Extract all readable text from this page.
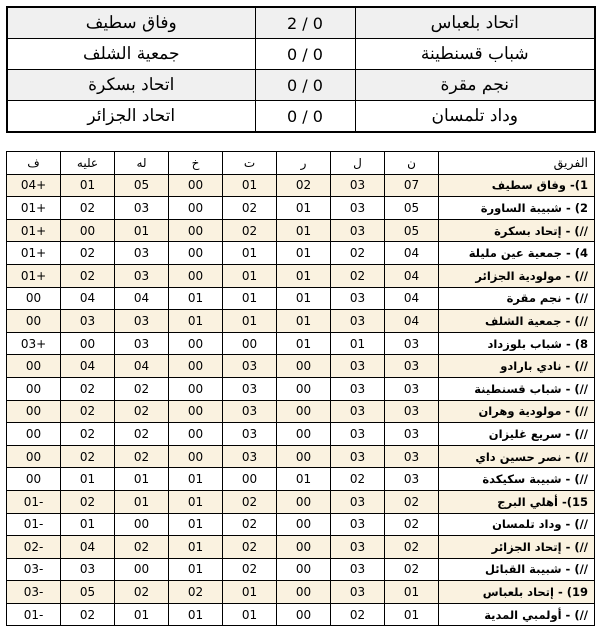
وفاق سطيف	2 / 0	اتحاد بلعباس
جمعية الشلف	0 / 0	شباب قسنطينة
اتحاد بسكرة	0 / 0	نجم مقرة
اتحاد الجزائر	0 / 0	وداد تلمسان
ف	عليه	له	خ	ت	ر	ل	ن	الفريق
04+	01	05	00	01	02	03	07	1)- وفاق سطيف
01+	02	03	00	02	01	03	05	2) - شبيبة الساورة
01+	00	01	00	02	01	03	05	//) - إتحاد بسكرة
01+	02	03	00	01	01	02	04	4) - جمعية عين مليلة
01+	02	03	00	01	01	02	04	//) - مولودية الجزائر
00	04	04	01	01	01	03	04	//) - نجم مقرة
00	03	03	01	01	01	03	04	//) - جمعية الشلف
03+	00	03	00	00	01	01	03	8) - شباب بلوزداد
00	04	04	00	03	00	03	03	//) - نادي بارادو
00	02	02	00	03	00	03	03	//) - شباب قسنطينة
00	02	02	00	03	00	03	03	//) - مولودية وهران
00	02	02	00	03	00	03	03	//) - سريع غليزان
00	02	02	00	03	00	03	03	//) - نصر حسين داي
00	01	01	01	00	01	02	03	//) - شبيبة سكيكدة
01-	02	01	01	02	00	03	02	15)- أهلي البرج
01-	01	00	01	02	00	03	02	//) - وداد تلمسان
02-	04	02	01	02	00	03	02	//) - إتحاد الجزائر
03-	03	00	01	02	00	03	02	//) - شبيبة القبائل
03-	05	02	02	01	00	03	01	19) - إتحاد بلعباس
01-	02	01	01	01	00	02	01	//) - أولمبي المدية
